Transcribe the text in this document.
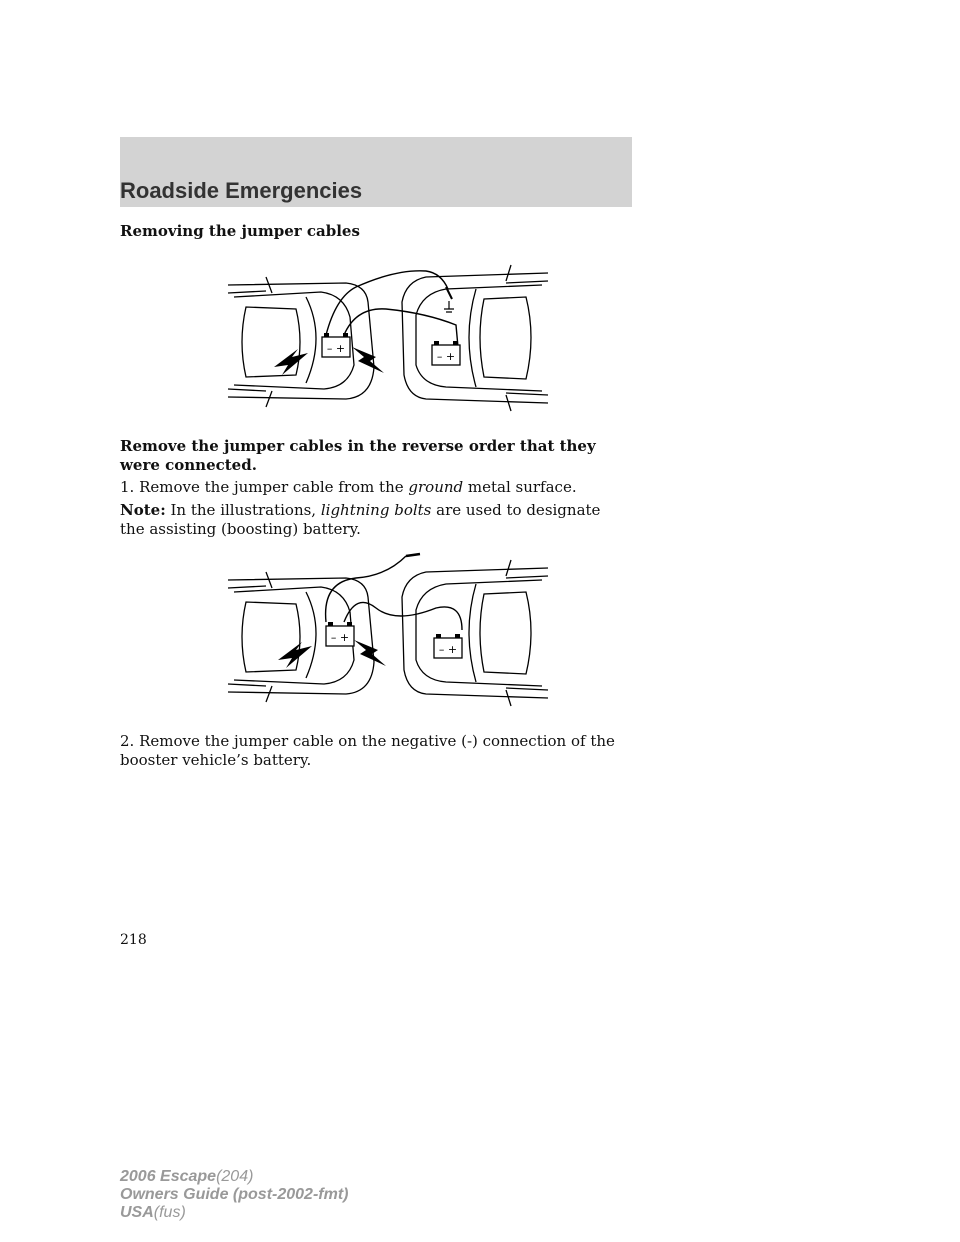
Roadside Emergencies
Removing the jumper cables
– +
– +

Remove the jumper cables in the reverse order that they were connected.

1. Remove the jumper cable from the ground metal surface.

Note: In the illustrations, lightning bolts are used to designate the assisting (boosting) battery.

– +
– +

2. Remove the jumper cable on the negative (-) connection of the booster vehicle’s battery.

218
2006 Escape(204)
Owners Guide (post-2002-fmt)
USA(fus)
